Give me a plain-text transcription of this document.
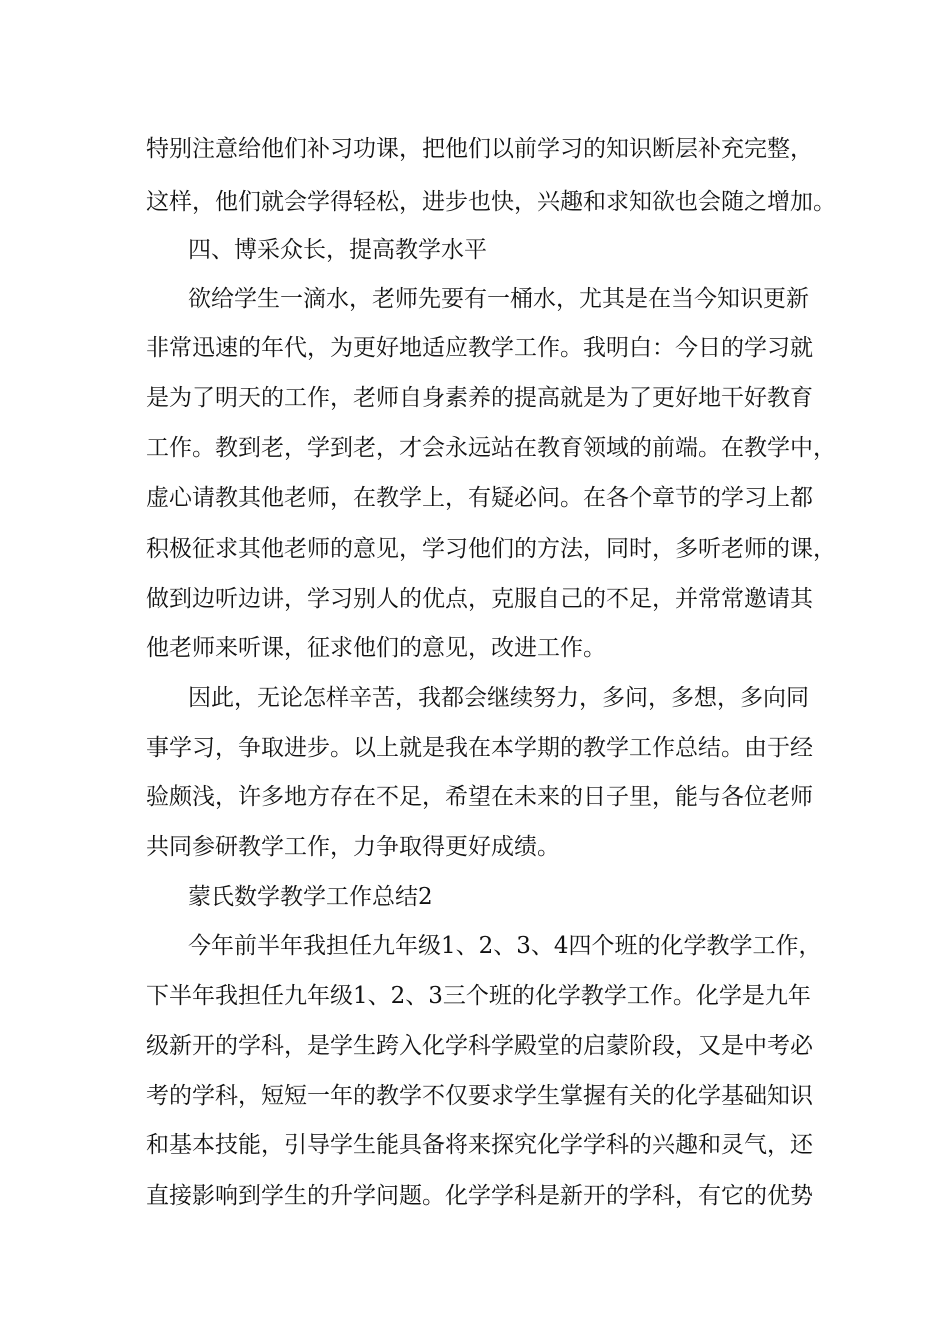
特别注意给他们补习功课，把他们以前学习的知识断层补充完整，
这样，他们就会学得轻松，进步也快，兴趣和求知欲也会随之增加。
四、博采众长，提高教学水平
欲给学生一滴水，老师先要有一桶水，尤其是在当今知识更新
非常迅速的年代，为更好地适应教学工作。我明白：今日的学习就
是为了明天的工作，老师自身素养的提高就是为了更好地干好教育
工作。教到老，学到老，才会永远站在教育领域的前端。在教学中，
虚心请教其他老师，在教学上，有疑必问。在各个章节的学习上都
积极征求其他老师的意见，学习他们的方法，同时，多听老师的课，
做到边听边讲，学习别人的优点，克服自己的不足，并常常邀请其
他老师来听课，征求他们的意见，改进工作。
因此，无论怎样辛苦，我都会继续努力，多问，多想，多向同
事学习，争取进步。以上就是我在本学期的教学工作总结。由于经
验颇浅，许多地方存在不足，希望在未来的日子里，能与各位老师
共同参研教学工作，力争取得更好成绩。
蒙氏数学教学工作总结2
今年前半年我担任九年级1、2、3、4四个班的化学教学工作，
下半年我担任九年级1、2、3三个班的化学教学工作。化学是九年
级新开的学科，是学生跨入化学科学殿堂的启蒙阶段，又是中考必
考的学科，短短一年的教学不仅要求学生掌握有关的化学基础知识
和基本技能，引导学生能具备将来探究化学学科的兴趣和灵气，还
直接影响到学生的升学问题。化学学科是新开的学科，有它的优势
